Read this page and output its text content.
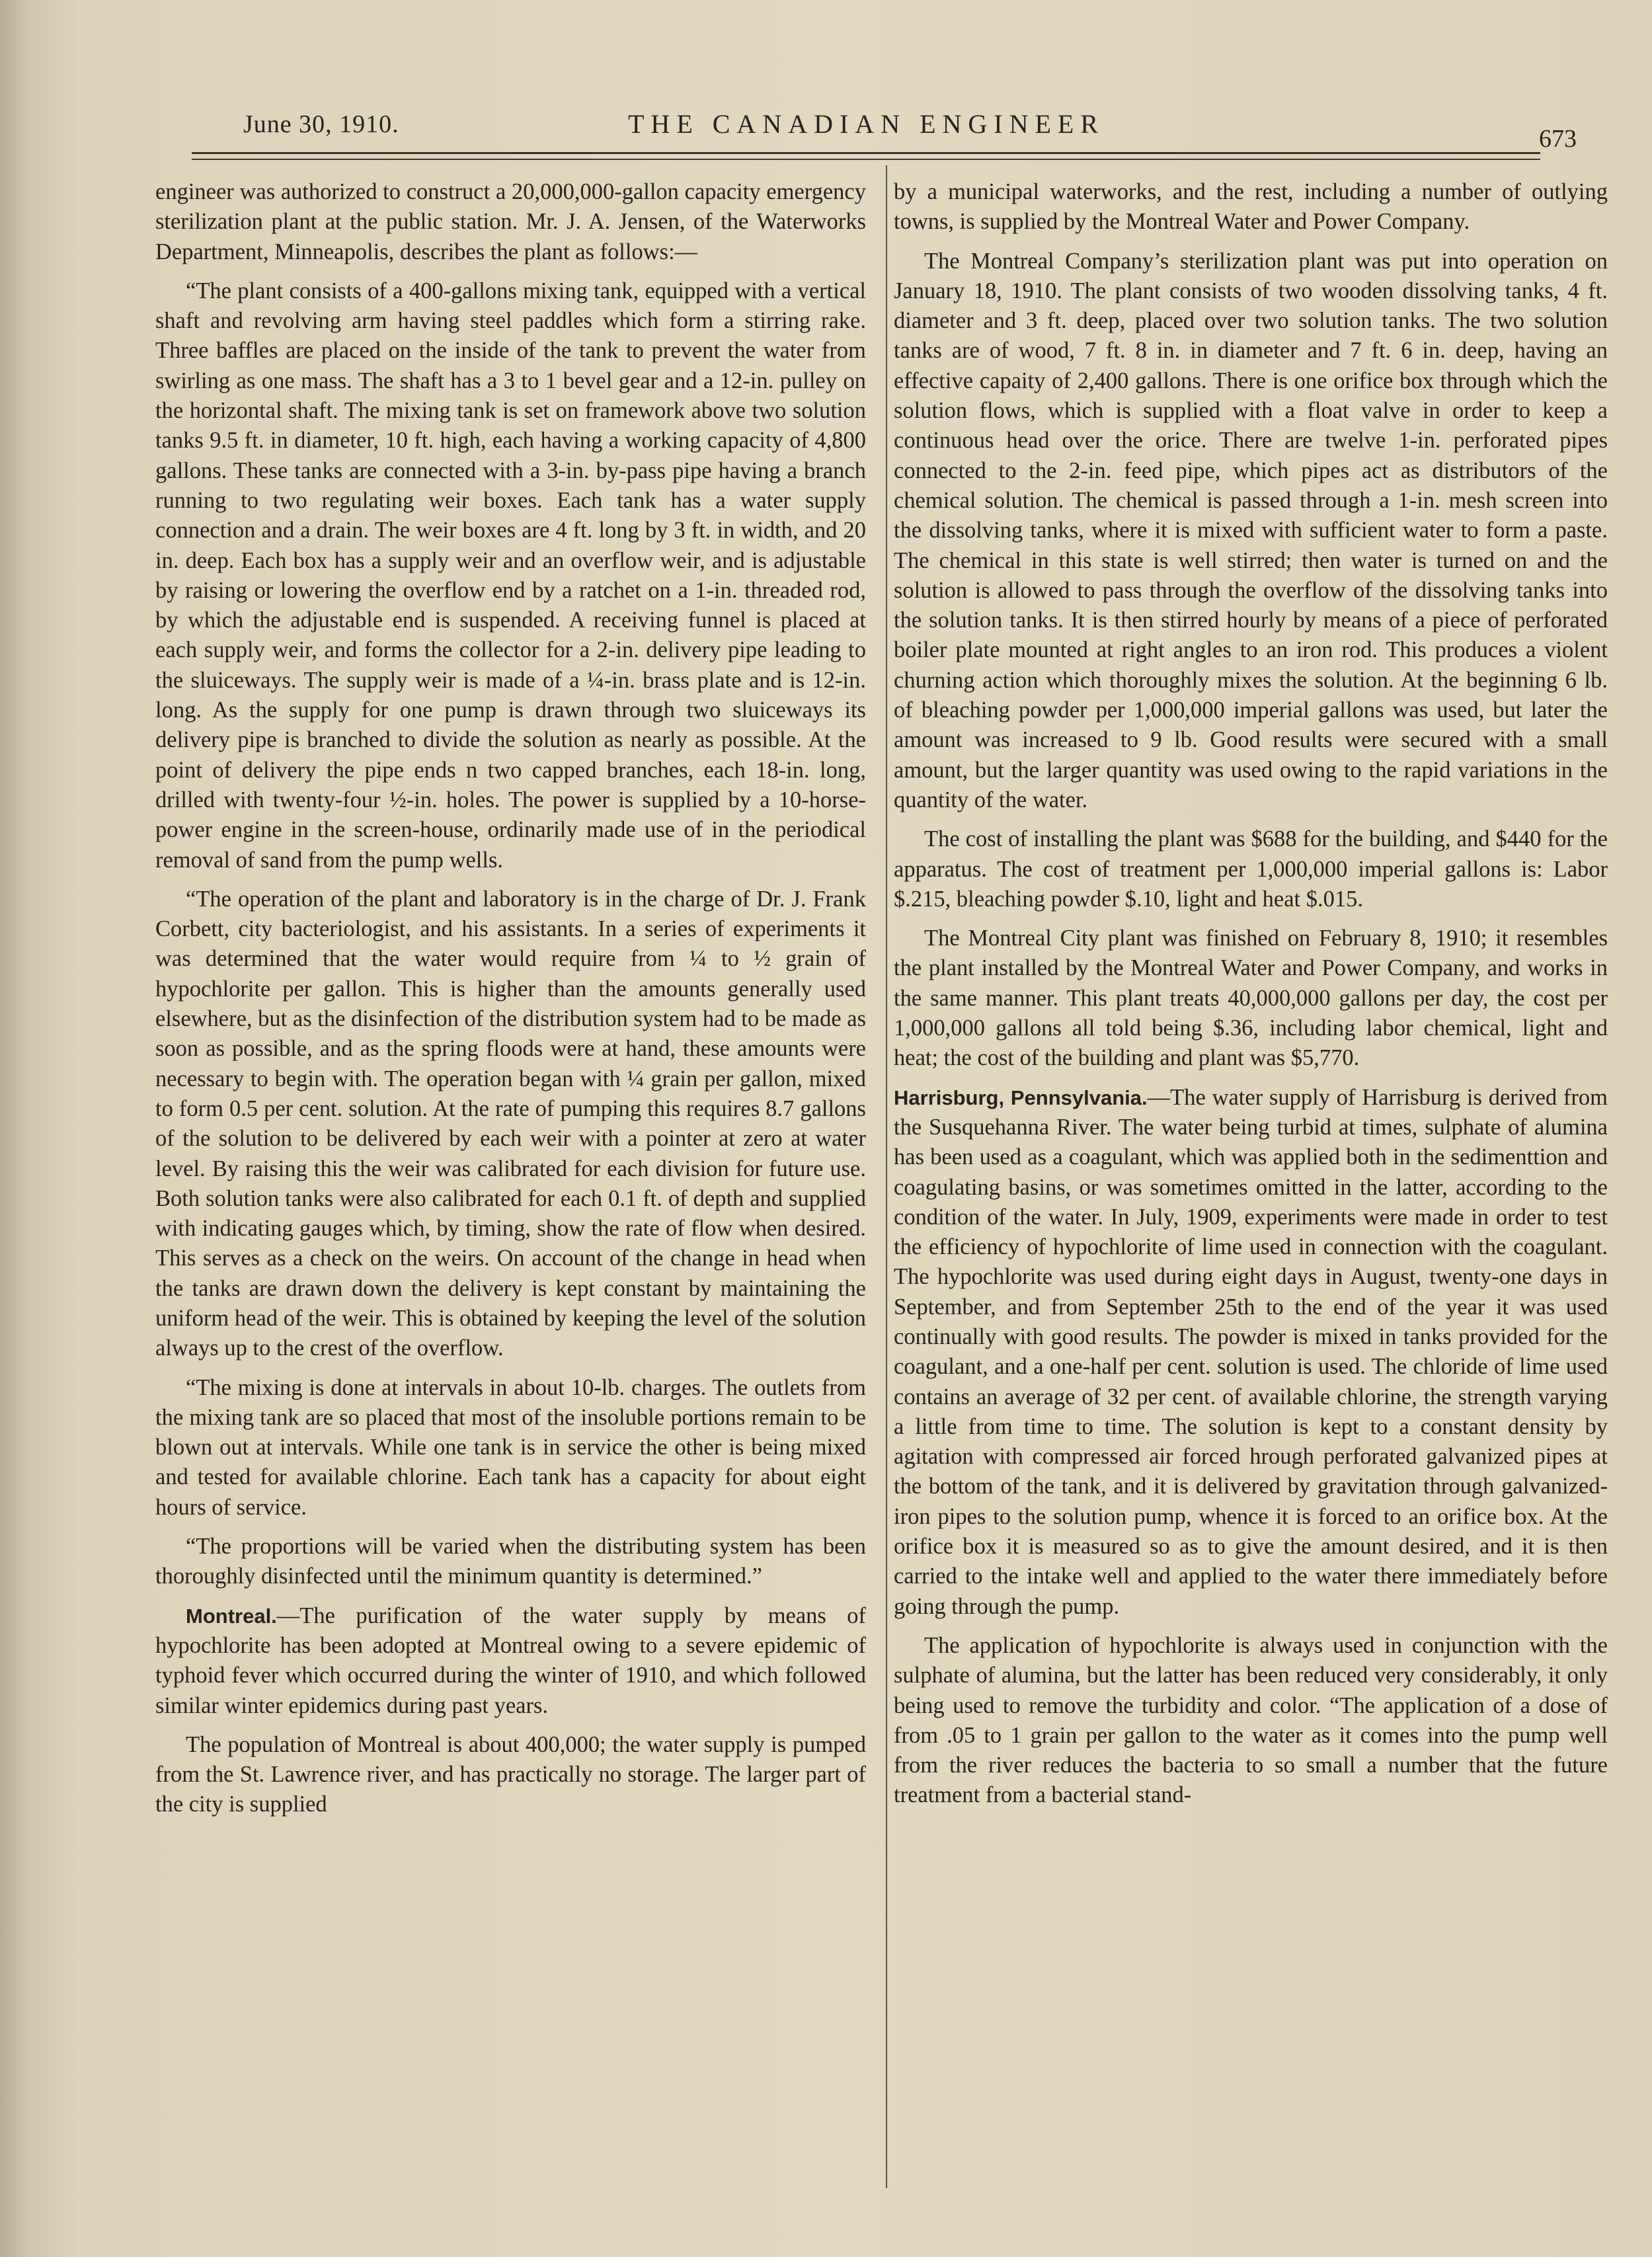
June 30, 1910.	THE CANADIAN ENGINEER	673

engineer was authorized to construct a 20,000,000-gallon capacity emergency sterilization plant at the public station. Mr. J. A. Jensen, of the Waterworks Department, Minneapolis, describes the plant as follows:—

“The plant consists of a 400-gallons mixing tank, equipped with a vertical shaft and revolving arm having steel paddles which form a stirring rake. Three baffles are placed on the inside of the tank to prevent the water from swirling as one mass. The shaft has a 3 to 1 bevel gear and a 12-in. pulley on the horizontal shaft. The mixing tank is set on framework above two solution tanks 9.5 ft. in diameter, 10 ft. high, each having a working capacity of 4,800 gallons. These tanks are connected with a 3-in. by-pass pipe having a branch running to two regulating weir boxes. Each tank has a water supply connection and a drain. The weir boxes are 4 ft. long by 3 ft. in width, and 20 in. deep. Each box has a supply weir and an overflow weir, and is adjustable by raising or lowering the overflow end by a ratchet on a 1-in. threaded rod, by which the adjustable end is suspended. A receiving funnel is placed at each supply weir, and forms the collector for a 2-in. delivery pipe leading to the sluiceways. The supply weir is made of a ¼-in. brass plate and is 12-in. long. As the supply for one pump is drawn through two sluiceways its delivery pipe is branched to divide the solution as nearly as possible. At the point of delivery the pipe ends n two capped branches, each 18-in. long, drilled with twenty-four ½-in. holes. The power is supplied by a 10-horse-power engine in the screen-house, ordinarily made use of in the periodical removal of sand from the pump wells.

“The operation of the plant and laboratory is in the charge of Dr. J. Frank Corbett, city bacteriologist, and his assistants. In a series of experiments it was determined that the water would require from ¼ to ½ grain of hypochlorite per gallon. This is higher than the amounts generally used elsewhere, but as the disinfection of the distribution system had to be made as soon as possible, and as the spring floods were at hand, these amounts were necessary to begin with. The operation began with ¼ grain per gallon, mixed to form 0.5 per cent. solution. At the rate of pumping this requires 8.7 gallons of the solution to be delivered by each weir with a pointer at zero at water level. By raising this the weir was calibrated for each division for future use. Both solution tanks were also calibrated for each 0.1 ft. of depth and supplied with indicating gauges which, by timing, show the rate of flow when desired. This serves as a check on the weirs. On account of the change in head when the tanks are drawn down the delivery is kept constant by maintaining the uniform head of the weir. This is obtained by keeping the level of the solution always up to the crest of the overflow.

“The mixing is done at intervals in about 10-lb. charges. The outlets from the mixing tank are so placed that most of the insoluble portions remain to be blown out at intervals. While one tank is in service the other is being mixed and tested for available chlorine. Each tank has a capacity for about eight hours of service.

“The proportions will be varied when the distributing system has been thoroughly disinfected until the minimum quantity is determined.”

Montreal.—The purification of the water supply by means of hypochlorite has been adopted at Montreal owing to a severe epidemic of typhoid fever which occurred during the winter of 1910, and which followed similar winter epidemics during past years.

The population of Montreal is about 400,000; the water supply is pumped from the St. Lawrence river, and has practically no storage. The larger part of the city is supplied

by a municipal waterworks, and the rest, including a number of outlying towns, is supplied by the Montreal Water and Power Company.

The Montreal Company’s sterilization plant was put into operation on January 18, 1910. The plant consists of two wooden dissolving tanks, 4 ft. diameter and 3 ft. deep, placed over two solution tanks. The two solution tanks are of wood, 7 ft. 8 in. in diameter and 7 ft. 6 in. deep, having an effective capaity of 2,400 gallons. There is one orifice box through which the solution flows, which is supplied with a float valve in order to keep a continuous head over the orice. There are twelve 1-in. perforated pipes connected to the 2-in. feed pipe, which pipes act as distributors of the chemical solution. The chemical is passed through a 1-in. mesh screen into the dissolving tanks, where it is mixed with sufficient water to form a paste. The chemical in this state is well stirred; then water is turned on and the solution is allowed to pass through the overflow of the dissolving tanks into the solution tanks. It is then stirred hourly by means of a piece of perforated boiler plate mounted at right angles to an iron rod. This produces a violent churning action which thoroughly mixes the solution. At the beginning 6 lb. of bleaching powder per 1,000,000 imperial gallons was used, but later the amount was increased to 9 lb. Good results were secured with a small amount, but the larger quantity was used owing to the rapid variations in the quantity of the water.

The cost of installing the plant was $688 for the building, and $440 for the apparatus. The cost of treatment per 1,000,000 imperial gallons is: Labor $.215, bleaching powder $.10, light and heat $.015.

The Montreal City plant was finished on February 8, 1910; it resembles the plant installed by the Montreal Water and Power Company, and works in the same manner. This plant treats 40,000,000 gallons per day, the cost per 1,000,000 gallons all told being $.36, including labor chemical, light and heat; the cost of the building and plant was $5,770.

Harrisburg, Pennsylvania.—The water supply of Harrisburg is derived from the Susquehanna River. The water being turbid at times, sulphate of alumina has been used as a coagulant, which was applied both in the sedimenttion and coagulating basins, or was sometimes omitted in the latter, according to the condition of the water. In July, 1909, experiments were made in order to test the efficiency of hypochlorite of lime used in connection with the coagulant. The hypochlorite was used during eight days in August, twenty-one days in September, and from September 25th to the end of the year it was used continually with good results. The powder is mixed in tanks provided for the coagulant, and a one-half per cent. solution is used. The chloride of lime used contains an average of 32 per cent. of available chlorine, the strength varying a little from time to time. The solution is kept to a constant density by agitation with compressed air forced hrough perforated galvanized pipes at the bottom of the tank, and it is delivered by gravitation through galvanized-iron pipes to the solution pump, whence it is forced to an orifice box. At the orifice box it is measured so as to give the amount desired, and it is then carried to the intake well and applied to the water there immediately before going through the pump.

The application of hypochlorite is always used in conjunction with the sulphate of alumina, but the latter has been reduced very considerably, it only being used to remove the turbidity and color. “The application of a dose of from .05 to 1 grain per gallon to the water as it comes into the pump well from the river reduces the bacteria to so small a number that the future treatment from a bacterial stand-
